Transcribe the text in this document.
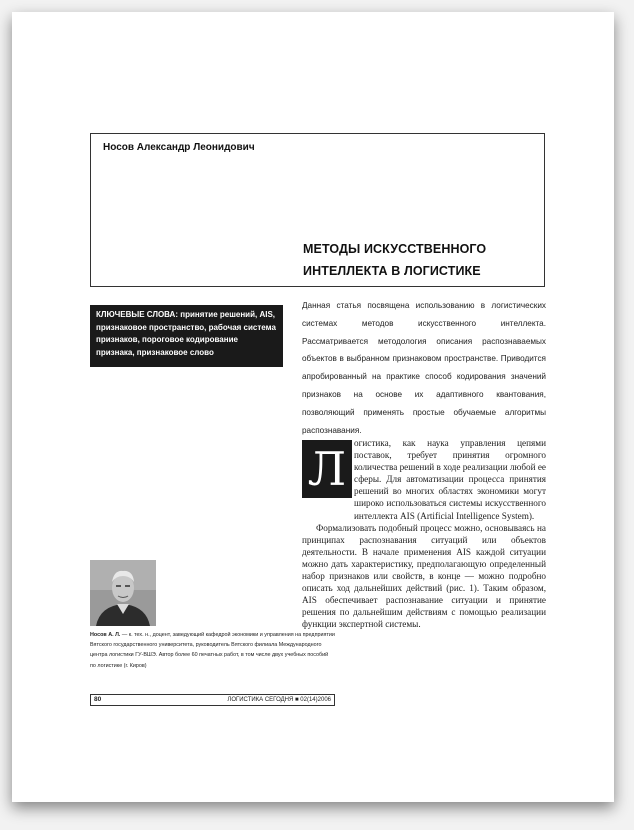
Носов Александр Леонидович
МЕТОДЫ ИСКУССТВЕННОГО
ИНТЕЛЛЕКТА В ЛОГИСТИКЕ
КЛЮЧЕВЫЕ СЛОВА: принятие решений, AIS, признаковое пространство, рабочая система признаков, пороговое кодирование признака, признаковое слово
Данная статья посвящена использованию в логистических системах методов искусственного интеллекта. Рассматривается методология описания распознаваемых объектов в выбранном признаковом пространстве. Приводится апробированный на практике способ кодирования значений признаков на основе их адаптивного квантования, позволяющий применять простые обучаемые алгоритмы распознавания.
Л огистика, как наука управления цепями поставок, требует принятия огромного количества решений в ходе реализации любой ее сферы. Для автоматизации процесса принятия решений во многих областях экономики могут широко использоваться системы искусственного интеллекта AIS (Artificial Intelligence System).

Формализовать подобный процесс можно, основываясь на принципах распознавания ситуаций или объектов деятельности. В начале применения AIS каждой ситуации можно дать характеристику, предполагающую определенный набор признаков или свойств, в конце — можно подробно описать ход дальнейших действий (рис. 1). Таким образом, AIS обеспечивает распознавание ситуации и принятие решения по дальнейшим действиям с помощью реализации функции экспертной системы.

Носов А. Л. — к. тех. н., доцент, заведующий кафедрой экономики и управления на предприятии Вятского государственного университета, руководитель Вятского филиала Международного центра логистики ГУ-ВШЭ. Автор более 60 печатных работ, в том числе двух учебных пособий по логистике (г. Киров)
80	ЛОГИСТИКА СЕГОДНЯ ■ 02(14)2006
